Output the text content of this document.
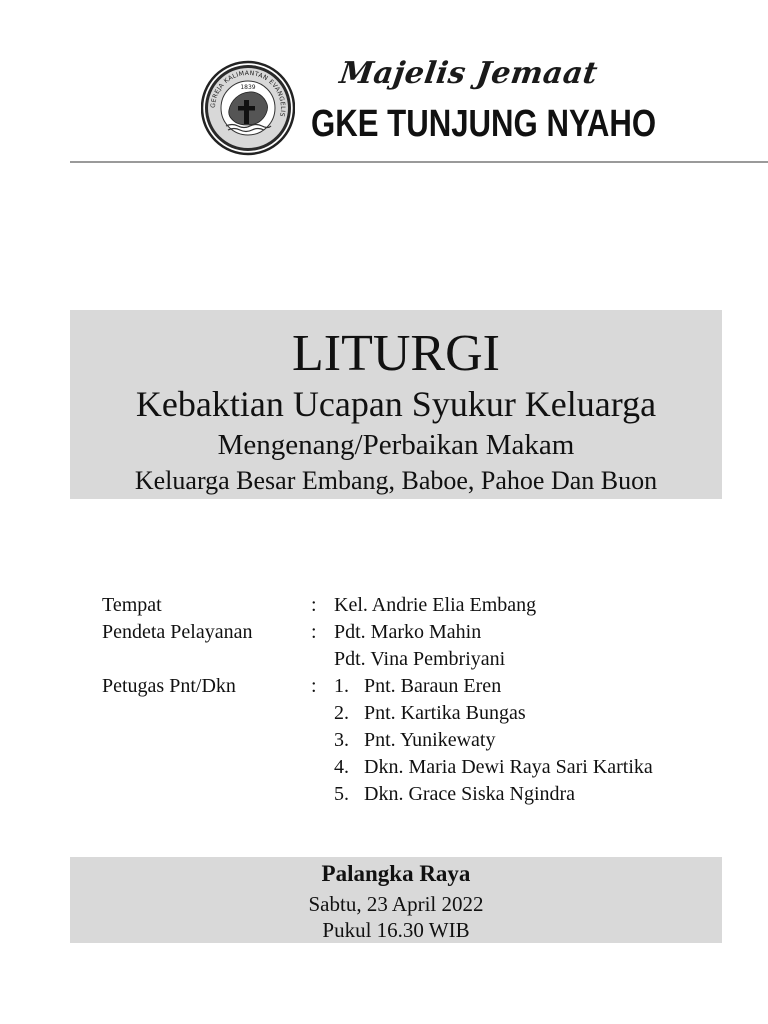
GEREJA KALIMANTAN EVANGELIS
1839	Majelis Jemaat
GKE TUNJUNG NYAHO
LITURGI
Kebaktian Ucapan Syukur Keluarga
Mengenang/Perbaikan Makam
Keluarga Besar Embang, Baboe, Pahoe Dan Buon
Tempat	: Kel. Andrie Elia Embang
Pendeta Pelayanan	: Pdt. Marko Mahin
Pdt. Vina Pembriyani
Petugas Pnt/Dkn	: 1. Pnt. Baraun Eren
2. Pnt. Kartika Bungas
3. Pnt. Yunikewaty
4. Dkn. Maria Dewi Raya Sari Kartika
5. Dkn. Grace Siska Ngindra
Palangka Raya
Sabtu, 23 April 2022
Pukul 16.30 WIB
